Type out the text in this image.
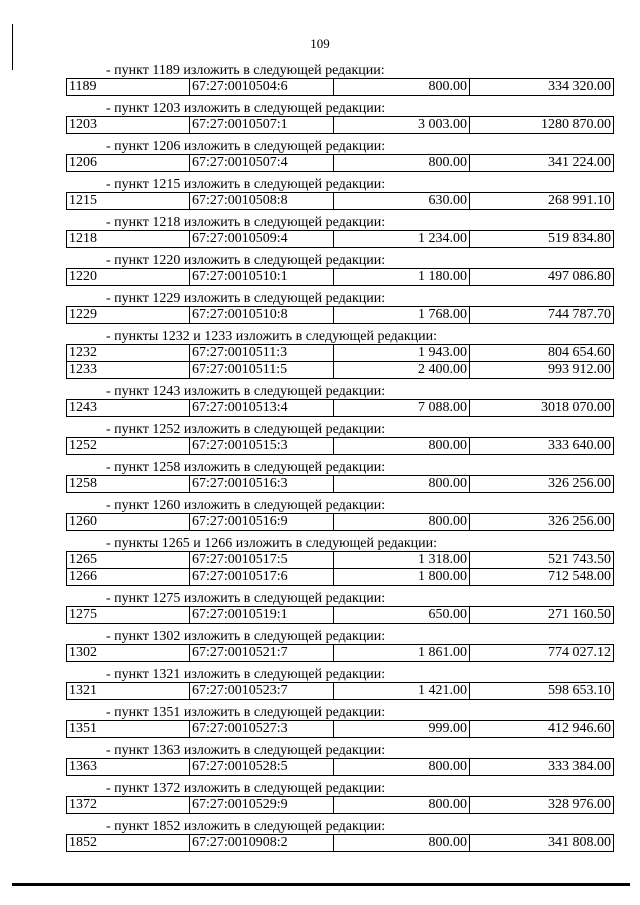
109
- пункт 1189 изложить в следующей редакции:
1189	67:27:0010504:6	800.00	334 320.00
- пункт 1203 изложить в следующей редакции:
1203	67:27:0010507:1	3 003.00	1280 870.00
- пункт 1206 изложить в следующей редакции:
1206	67:27:0010507:4	800.00	341 224.00
- пункт 1215 изложить в следующей редакции:
1215	67:27:0010508:8	630.00	268 991.10
- пункт 1218 изложить в следующей редакции:
1218	67:27:0010509:4	1 234.00	519 834.80
- пункт 1220 изложить в следующей редакции:
1220	67:27:0010510:1	1 180.00	497 086.80
- пункт 1229 изложить в следующей редакции:
1229	67:27:0010510:8	1 768.00	744 787.70
- пункты 1232 и 1233 изложить в следующей редакции:
1232	67:27:0010511:3	1 943.00	804 654.60
1233	67:27:0010511:5	2 400.00	993 912.00
- пункт 1243 изложить в следующей редакции:
1243	67:27:0010513:4	7 088.00	3018 070.00
- пункт 1252 изложить в следующей редакции:
1252	67:27:0010515:3	800.00	333 640.00
- пункт 1258 изложить в следующей редакции:
1258	67:27:0010516:3	800.00	326 256.00
- пункт 1260 изложить в следующей редакции:
1260	67:27:0010516:9	800.00	326 256.00
- пункты 1265 и 1266 изложить в следующей редакции:
1265	67:27:0010517:5	1 318.00	521 743.50
1266	67:27:0010517:6	1 800.00	712 548.00
- пункт 1275 изложить в следующей редакции:
1275	67:27:0010519:1	650.00	271 160.50
- пункт 1302 изложить в следующей редакции:
1302	67:27:0010521:7	1 861.00	774 027.12
- пункт 1321 изложить в следующей редакции:
1321	67:27:0010523:7	1 421.00	598 653.10
- пункт 1351 изложить в следующей редакции:
1351	67:27:0010527:3	999.00	412 946.60
- пункт 1363 изложить в следующей редакции:
1363	67:27:0010528:5	800.00	333 384.00
- пункт 1372 изложить в следующей редакции:
1372	67:27:0010529:9	800.00	328 976.00
- пункт 1852 изложить в следующей редакции:
1852	67:27:0010908:2	800.00	341 808.00
